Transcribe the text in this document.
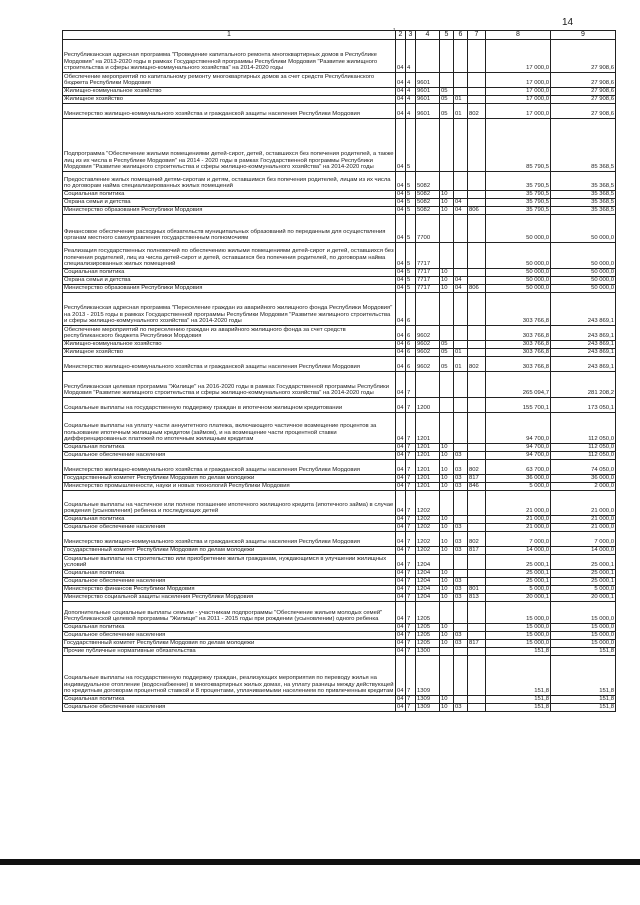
,	14
1	2	3	4	5	6	7	8	9
Республиканская адресная программа "Проведение капитального ремонта многоквартирных домов в Республике Мордовия" на 2013-2020 годы в рамках Государственной программы Республики Мордовия "Развитие жилищного строительства и сферы жилищно-коммунального хозяйства" на 2014-2020 годы	04	4					17 000,0	27 908,6
Обеспечение мероприятий по капитальному ремонту многоквартирных домов за счет средств Республиканского бюджета Республики Мордовия	04	4	9601				17 000,0	27 908,6
Жилищно-коммунальное хозяйство	04	4	9601	05			17 000,0	27 908,6
Жилищное хозяйство	04	4	9601	05	01		17 000,0	27 908,6
Министерство жилищно-коммунального хозяйства и гражданской защиты населения Республики Мордовия	04	4	9601	05	01	802	17 000,0	27 908,6
Подпрограмма "Обеспечение жилыми помещениями детей-сирот, детей, оставшихся без попечения родителей, а также лиц из их числа в Республике Мордовия" на 2014 - 2020 годы в рамках Государственной программы Республики Мордовия "Развитие жилищного строительства и сферы жилищно-коммунального хозяйства" на 2014-2020 годы	04	5					85 790,5	85 368,5
Предоставление жилых помещений детям-сиротам и детям, оставшимся без попечения родителей, лицам из их числа по договорам найма специализированных жилых помещений	04	5	5082				35 790,5	35 368,5
Социальная политика	04	5	5082	10			35 790,5	35 368,5
Охрана семьи и детства	04	5	5082	10	04		35 790,5	35 368,5
Министерство образования Республики Мордовия	04	5	5082	10	04	806	35 790,5	35 368,5
Финансовое обеспечение расходных обязательств муниципальных образований по переданным для осуществления органам местного самоуправления государственным полномочиям	04	5	7700				50 000,0	50 000,0
Реализация государственных полномочий по обеспечению жилыми помещениями детей-сирот и детей, оставшихся без попечения родителей, лиц из числа детей-сирот и детей, оставшихся без попечения родителей, по договорам найма специализированных жилых помещений	04	5	7717				50 000,0	50 000,0
Социальная политика	04	5	7717	10			50 000,0	50 000,0
Охрана семьи и детства	04	5	7717	10	04		50 000,0	50 000,0
Министерство образования Республики Мордовия	04	5	7717	10	04	806	50 000,0	50 000,0
Республиканская адресная программа "Переселение граждан из аварийного жилищного фонда Республики Мордовия" на 2013 - 2015 годы в рамках Государственной программы Республики Мордовия "Развитие жилищного строительства и сферы жилищно-коммунального хозяйства" на 2014-2020 годы	04	6					303 766,8	243 869,1
Обеспечение мероприятий по переселению граждан из аварийного жилищного фонда за счет средств республиканского бюджета Республики Мордовия	04	6	9602				303 766,8	243 869,1
Жилищно-коммунальное хозяйство	04	6	9602	05			303 766,8	243 869,1
Жилищное хозяйство	04	6	9602	05	01		303 766,8	243 869,1
Министерство жилищно-коммунального хозяйства и гражданской защиты населения Республики Мордовия	04	6	9602	05	01	802	303 766,8	243 869,1
Республиканская целевая программа "Жилище" на 2016-2020 годы в рамках Государственной программы Республики Мордовия "Развитие жилищного строительства и сферы жилищно-коммунального хозяйства" на 2014-2020 годы	04	7					265 094,7	281 208,2
Социальные выплаты на государственную поддержку граждан в ипотечном жилищном кредитовании	04	7	1200				155 700,1	173 050,1
Социальные выплаты на уплату части аннуитетного платежа, включающего частичное возмещение процентов за пользование ипотечным жилищным кредитом (займом), и на возмещение части процентной ставки дифференцированных платежей по ипотечным жилищным кредитам	04	7	1201				94 700,0	112 050,0
Социальная политика	04	7	1201	10			94 700,0	112 050,0
Социальное обеспечение населения	04	7	1201	10	03		94 700,0	112 050,0
Министерство жилищно-коммунального хозяйства и гражданской защиты населения Республики Мордовия	04	7	1201	10	03	802	63 700,0	74 050,0
Государственный комитет Республики Мордовия по делам молодежи	04	7	1201	10	03	817	36 000,0	36 000,0
Министерство промышленности, науки и новых технологий Республики Мордовия	04	7	1201	10	03	846	5 000,0	2 000,0
Социальные выплаты на частичное или полное погашение ипотечного жилищного кредита (ипотечного займа) в случае рождения (усыновления) ребенка и последующих детей	04	7	1202				21 000,0	21 000,0
Социальная политика	04	7	1202	10			21 000,0	21 000,0
Социальное обеспечение населения	04	7	1202	10	03		21 000,0	21 000,0
Министерство жилищно-коммунального хозяйства и гражданской защиты населения Республики Мордовия	04	7	1202	10	03	802	7 000,0	7 000,0
Государственный комитет Республики Мордовия по делам молодежи	04	7	1202	10	03	817	14 000,0	14 000,0
Социальные выплаты на строительство или приобретение жилья гражданам, нуждающимся в улучшении жилищных условий	04	7	1204				25 000,1	25 000,1
Социальная политика	04	7	1204	10			25 000,1	25 000,1
Социальное обеспечение населения	04	7	1204	10	03		25 000,1	25 000,1
Министерство финансов Республики Мордовия	04	7	1204	10	03	801	5 000,0	5 000,0
Министерство социальной защиты населения Республики Мордовия	04	7	1204	10	03	813	20 000,1	20 000,1
Дополнительные социальные выплаты семьям - участникам подпрограммы "Обеспечение жильем молодых семей" Республиканской целевой программы "Жилище" на 2011 - 2015 годы при рождении (усыновлении) одного ребенка	04	7	1205				15 000,0	15 000,0
Социальная политика	04	7	1205	10			15 000,0	15 000,0
Социальное обеспечение населения	04	7	1205	10	03		15 000,0	15 000,0
Государственный комитет Республики Мордовия по делам молодежи	04	7	1205	10	03	817	15 000,0	15 000,0
Прочие публичные нормативные обязательства	04	7	1300				151,8	151,8
Социальные выплаты на государственную поддержку граждан, реализующих мероприятия по переводу жилья на индивидуальное отопление (водоснабжение) в многоквартирных жилых домах, на уплату разницы между действующей по кредитным договорам процентной ставкой и 8 процентами, уплачиваемыми населением по привлеченным кредитам	04	7	1309				151,8	151,8
Социальная политика	04	7	1309	10			151,8	151,8
Социальное обеспечение населения	04	7	1309	10	03		151,8	151,8
